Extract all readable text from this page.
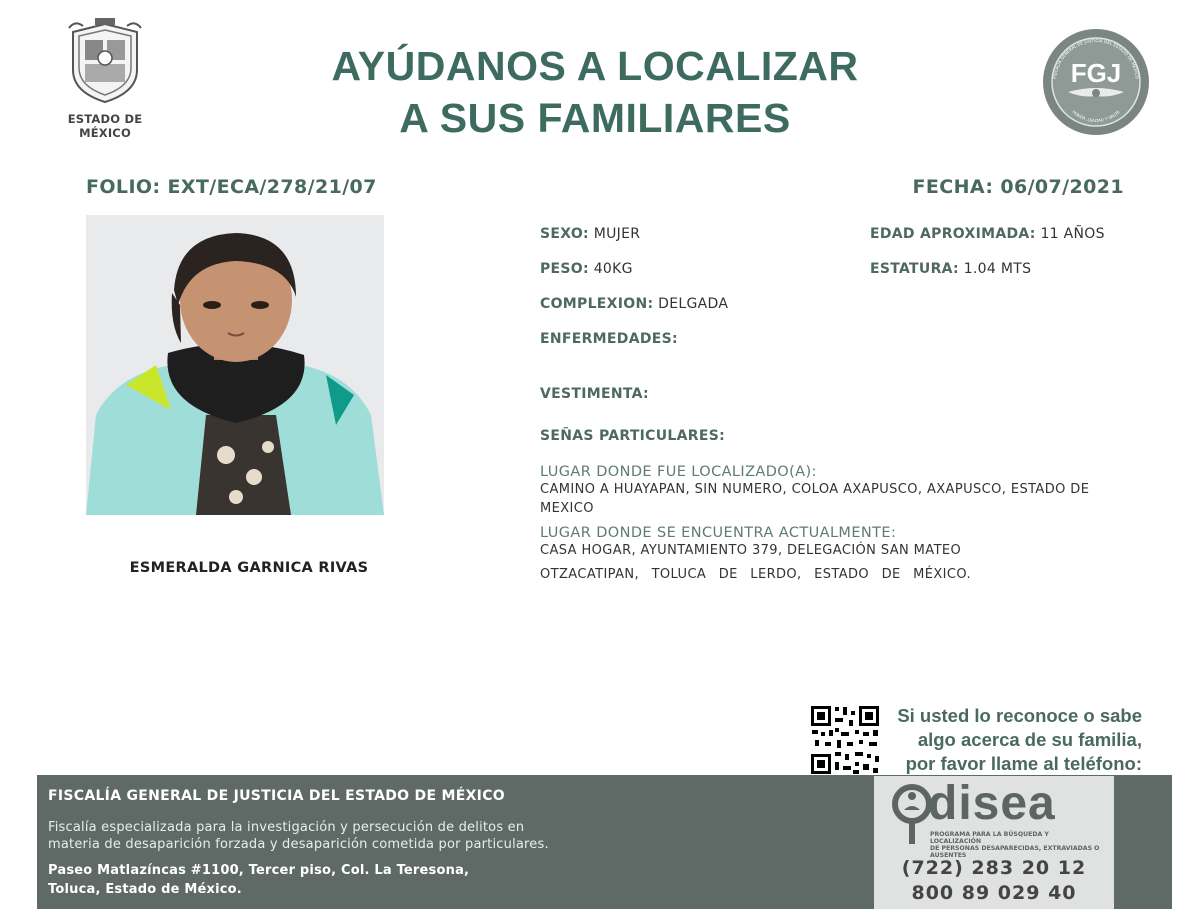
ESTADO DE MÉXICO
AYÚDANOS A LOCALIZAR
A SUS FAMILIARES
FISCALÍA GENERAL DE JUSTICIA DEL ESTADO DE MÉXICO
HONOR, LEALTAD Y VALOR
FGJ
FOLIO: EXT/ECA/278/21/07	FECHA: 06/07/2021
ESMERALDA GARNICA RIVAS
SEXO: MUJER	EDAD APROXIMADA: 11 AÑOS
PESO: 40KG	ESTATURA: 1.04 MTS
COMPLEXION: DELGADA
ENFERMEDADES:
VESTIMENTA:
SEÑAS PARTICULARES:
LUGAR DONDE FUE LOCALIZADO(A):
CAMINO A HUAYAPAN, SIN NUMERO, COLOA AXAPUSCO, AXAPUSCO, ESTADO DE
MEXICO
LUGAR DONDE SE ENCUENTRA ACTUALMENTE:
CASA HOGAR, AYUNTAMIENTO 379, DELEGACIÓN SAN MATEO
OTZACATIPAN, TOLUCA DE LERDO, ESTADO DE MÉXICO.
Si usted lo reconoce o sabe
algo acerca de su familia,
por favor llame al teléfono:
FISCALÍA GENERAL DE JUSTICIA DEL ESTADO DE MÉXICO
Fiscalía especializada para la investigación y persecución de delitos en
materia de desaparición forzada y desaparición cometida por particulares.
Paseo Matlazíncas #1100, Tercer piso, Col. La Teresona,
Toluca, Estado de México.
disea
PROGRAMA PARA LA BÚSQUEDA Y LOCALIZACIÓN
DE PERSONAS DESAPARECIDAS, EXTRAVIADAS O
AUSENTES
(722) 283 20 12
800 89 029 40
